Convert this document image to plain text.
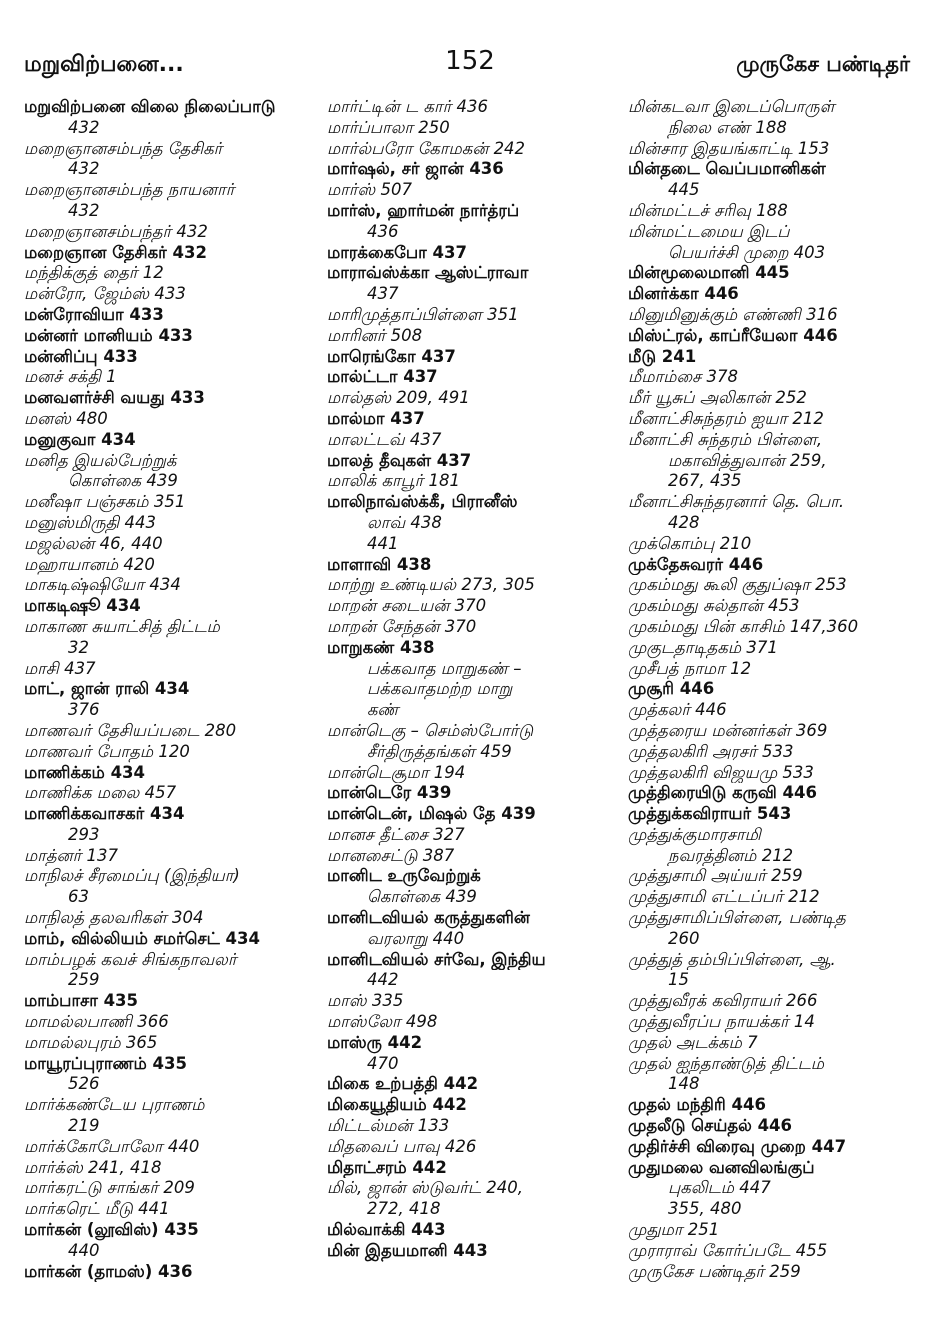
மறுவிற்பனை...	152	முருகேச பண்டிதர்
மறுவிற்பனை விலை நிலைப்பாடு
432
மறைஞானசம்பந்த தேசிகர்
432
மறைஞானசம்பந்த நாயனார்
432
மறைஞானசம்பந்தர் 432
மறைஞான தேசிகர் 432
மந்திக்குத் தைர் 12
மன்ரோ, ஜேம்ஸ் 433
மன்ரோவியா 433
மன்னர் மானியம் 433
மன்னிப்பு 433
மனச் சக்தி 1
மனவளர்ச்சி வயது 433
மனஸ் 480
மனுகுவா 434
மனித இயல்பேற்றுக்
கொள்கை 439
மனீஷா பஞ்சகம் 351
மனுஸ்மிருதி 443
மஜல்லன் 46, 440
மஹாயானம் 420
மாகடிஷ்ஷியோ 434
மாகடிஷூ 434
மாகாண சுயாட்சித் திட்டம்
32
மாசி 437
மாட், ஜான் ராலி 434
376
மாணவர் தேசியப்படை 280
மாணவர் போதம் 120
மாணிக்கம் 434
மாணிக்க மலை 457
மாணிக்கவாசகர் 434
293
மாத்னர் 137
மாநிலச் சீரமைப்பு (இந்தியா)
63
மாநிலத் தலவரிகள் 304
மாம், வில்லியம் சமர்செட் 434
மாம்பழக் கவச் சிங்கநாவலர்
259
மாம்பாசா 435
மாமல்லபாணி 366
மாமல்லபுரம் 365
மாயூரப்புராணம் 435
526
மார்க்கண்டேய புராணம்
219
மார்க்கோபோலோ 440
மார்க்ஸ் 241, 418
மார்கரட்டு சாங்கர் 209
மார்கரெட் மீடு 441
மார்கன் (லூவிஸ்) 435
440
மார்கன் (தாமஸ்) 436
மார்ட்டின் ட கார் 436
மார்ப்பாலா 250
மார்ல்பரோ கோமகன் 242
மார்ஷல், சர் ஜான் 436
மார்ஸ் 507
மார்ஸ், ஹார்மன் நார்த்ரப்
436
மாரக்கைபோ 437
மாராவ்ஸ்க்கா ஆஸ்ட்ராவா
437
மாரிமுத்தாப்பிள்ளை 351
மாரினர் 508
மாரெங்கோ 437
மால்ட்டா 437
மால்தஸ் 209, 491
மால்மா 437
மாலட்டவ் 437
மாலத் தீவுகள் 437
மாலிக் காபூர் 181
மாலிநாவ்ஸ்க்கீ, பிரானீஸ்
லாவ் 438
441
மாளாவி 438
மாற்று உண்டியல் 273, 305
மாறன் சடையன் 370
மாறன் சேந்தன் 370
மாறுகண் 438
பக்கவாத மாறுகண் –
பக்கவாதமற்ற மாறு
கண்
மான்டெகு – செம்ஸ்போர்டு
சீர்திருத்தங்கள் 459
மான்டெசூமா 194
மான்டெரே 439
மான்டென், மிஷல் தே 439
மானச தீட்சை 327
மானசைட்டு 387
மானிட உருவேற்றுக்
கொள்கை 439
மானிடவியல் கருத்துகளின்
வரலாறு 440
மானிடவியல் சர்வே, இந்திய
442
மாஸ் 335
மாஸ்லோ 498
மாஸ்ரு 442
470
மிகை உற்பத்தி 442
மிகையூதியம் 442
மிட்டல்மன் 133
மிதவைப் பாவு 426
மிதாட்சரம் 442
மில், ஜான் ஸ்டுவர்ட் 240,
272, 418
மில்வாக்கி 443
மின் இதயமானி 443
மின்கடவா இடைப்பொருள்
நிலை எண் 188
மின்சார இதயங்காட்டி 153
மின்தடை வெப்பமானிகள்
445
மின்மட்டச் சரிவு 188
மின்மட்டமைய இடப்
பெயர்ச்சி முறை 403
மின்மூலைமானி 445
மினர்க்கா 446
மினுமினுக்கும் எண்ணி 316
மிஸ்ட்ரல், காப்ரீயேலா 446
மீடு 241
மீமாம்சை 378
மீர் யூசுப் அலிகான் 252
மீனாட்சிசுந்தரம் ஐயா 212
மீனாட்சி சுந்தரம் பிள்ளை,
மகாவித்துவான் 259,
267, 435
மீனாட்சிசுந்தரனார் தெ. பொ.
428
முக்கொம்பு 210
முக்தேசுவரர் 446
முகம்மது கூலி குதுப்ஷா 253
முகம்மது சுல்தான் 453
முகம்மது பின் காசிம் 147,360
முகுடதாடிதகம் 371
முசீபத் நாமா 12
முசூரி 446
முத்கலர் 446
முத்தரைய மன்னர்கள் 369
முத்தலகிரி அரசர் 533
முத்தலகிரி விஜயமு 533
முத்திரையிடு கருவி 446
முத்துக்கவிராயர் 543
முத்துக்குமாரசாமி
நவரத்தினம் 212
முத்துசாமி அய்யர் 259
முத்துசாமி எட்டப்பர் 212
முத்துசாமிப்பிள்ளை, பண்டித
260
முத்துத் தம்பிப்பிள்ளை, ஆ.
15
முத்துவீரக் கவிராயர் 266
முத்துவீரப்ப நாயக்கர் 14
முதல் அடக்கம் 7
முதல் ஐந்தாண்டுத் திட்டம்
148
முதல் மந்திரி 446
முதலீடு செய்தல் 446
முதிர்ச்சி விரைவு முறை 447
முதுமலை வனவிலங்குப்
புகலிடம் 447
355, 480
முதுமா 251
முராராவ் கோர்ப்படே 455
முருகேச பண்டிதர் 259
